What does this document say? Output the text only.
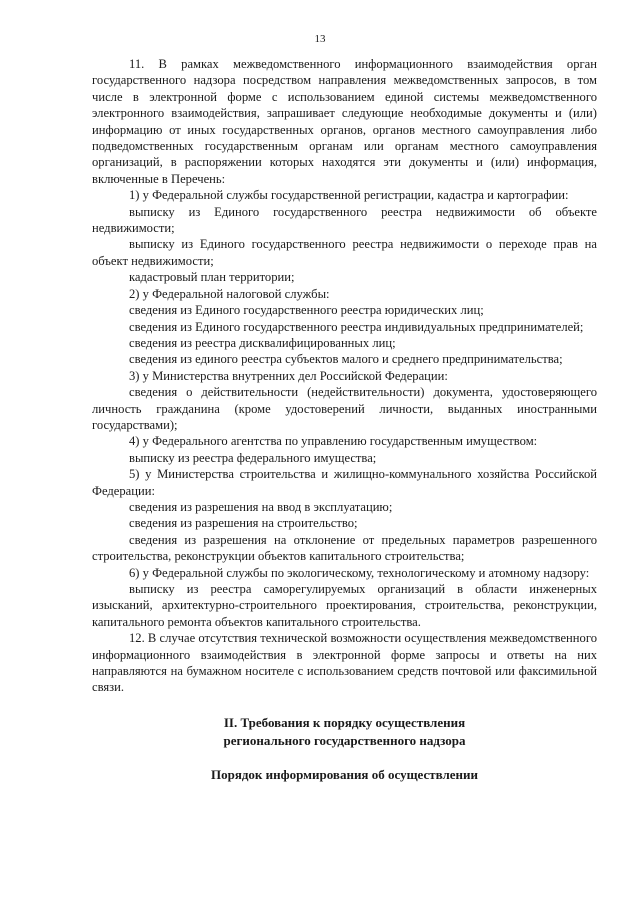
13

11. В рамках межведомственного информационного взаимодействия орган государственного надзора посредством направления межведомственных запросов, в том числе в электронной форме с использованием единой системы межведомственного электронного взаимодействия, запрашивает следующие необходимые документы и (или) информацию от иных государственных органов, органов местного самоуправления либо подведомственных государственным органам или органам местного самоуправления организаций, в распоряжении которых находятся эти документы и (или) информация, включенные в Перечень:

1) у Федеральной службы государственной регистрации, кадастра и картографии:

выписку из Единого государственного реестра недвижимости об объекте недвижимости;

выписку из Единого государственного реестра недвижимости о переходе прав на объект недвижимости;

кадастровый план территории;

2) у Федеральной налоговой службы:

сведения из Единого государственного реестра юридических лиц;

сведения из Единого государственного реестра индивидуальных предпринимателей;

сведения из реестра дисквалифицированных лиц;

сведения из единого реестра субъектов малого и среднего предпринимательства;

3) у Министерства внутренних дел Российской Федерации:

сведения о действительности (недействительности) документа, удостоверяющего личность гражданина (кроме удостоверений личности, выданных иностранными государствами);

4) у Федерального агентства по управлению государственным имуществом:

выписку из реестра федерального имущества;

5) у Министерства строительства и жилищно-коммунального хозяйства Российской Федерации:

сведения из разрешения на ввод в эксплуатацию;

сведения из разрешения на строительство;

сведения из разрешения на отклонение от предельных параметров разрешенного строительства, реконструкции объектов капитального строительства;

6) у Федеральной службы по экологическому, технологическому и атомному надзору:

выписку из реестра саморегулируемых организаций в области инженерных изысканий, архитектурно-строительного проектирования, строительства, реконструкции, капитального ремонта объектов капитального строительства.

12. В случае отсутствия технической возможности осуществления межведомственного информационного взаимодействия в электронной форме запросы и ответы на них направляются на бумажном носителе с использованием средств почтовой или факсимильной связи.

II. Требования к порядку осуществления
регионального государственного надзора
Порядок информирования об осуществлении
